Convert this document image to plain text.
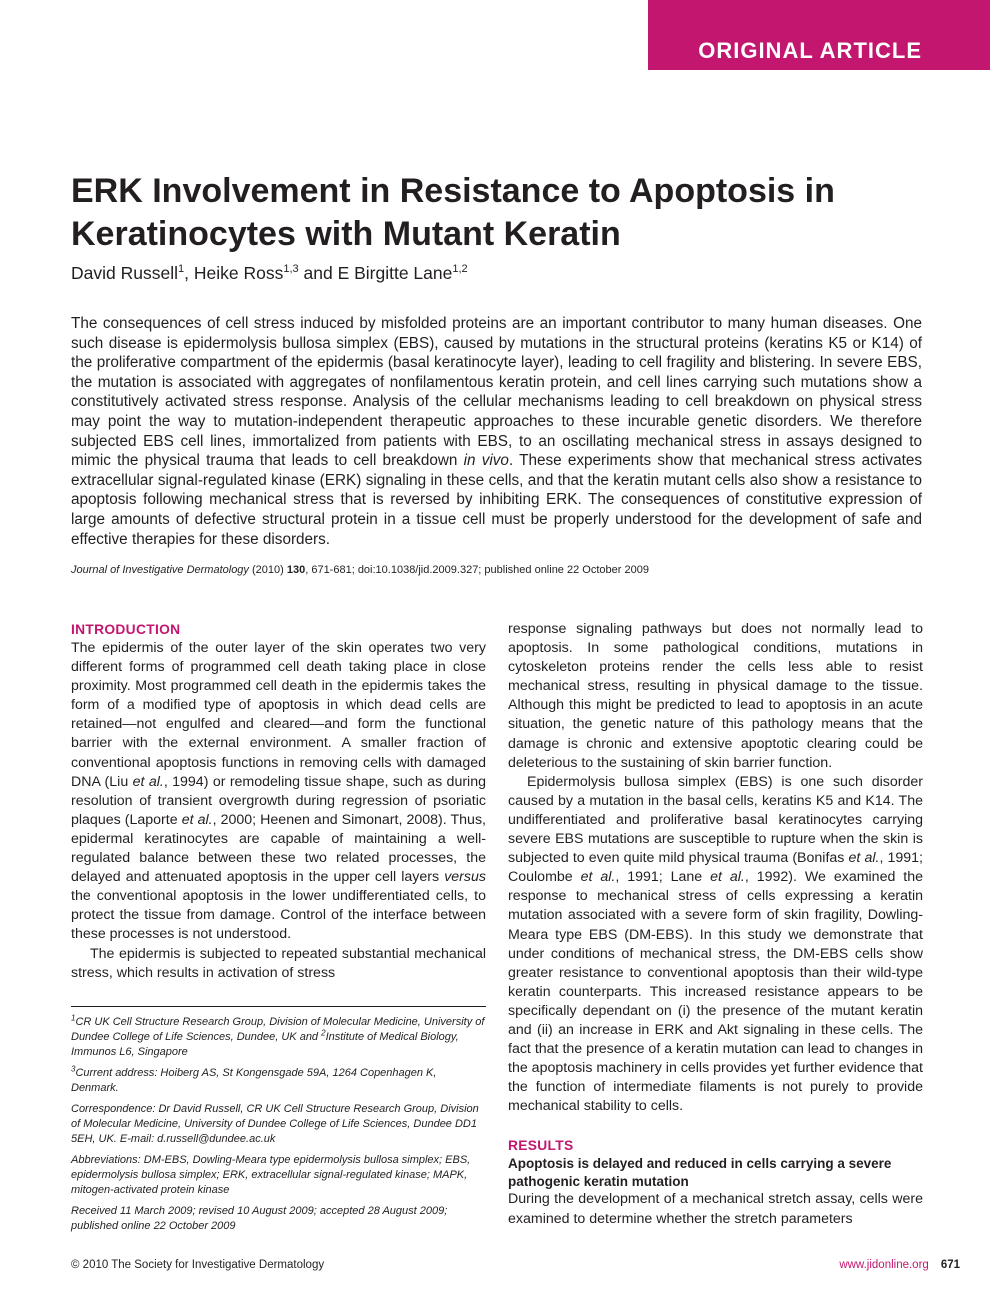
ORIGINAL ARTICLE
ERK Involvement in Resistance to Apoptosis in Keratinocytes with Mutant Keratin
David Russell$^1$, Heike Ross$^{1,3}$ and E Birgitte Lane$^{1,2}$

The consequences of cell stress induced by misfolded proteins are an important contributor to many human diseases. One such disease is epidermolysis bullosa simplex (EBS), caused by mutations in the structural proteins (keratins K5 or K14) of the proliferative compartment of the epidermis (basal keratinocyte layer), leading to cell fragility and blistering. In severe EBS, the mutation is associated with aggregates of nonfilamentous keratin protein, and cell lines carrying such mutations show a constitutively activated stress response. Analysis of the cellular mechanisms leading to cell breakdown on physical stress may point the way to mutation-independent therapeutic approaches to these incurable genetic disorders. We therefore subjected EBS cell lines, immortalized from patients with EBS, to an oscillating mechanical stress in assays designed to mimic the physical trauma that leads to cell breakdown in vivo. These experiments show that mechanical stress activates extracellular signal-regulated kinase (ERK) signaling in these cells, and that the keratin mutant cells also show a resistance to apoptosis following mechanical stress that is reversed by inhibiting ERK. The consequences of constitutive expression of large amounts of defective structural protein in a tissue cell must be properly understood for the development of safe and effective therapies for these disorders.

Journal of Investigative Dermatology (2010) 130, 671-681; doi:10.1038/jid.2009.327; published online 22 October 2009
INTRODUCTION

The epidermis of the outer layer of the skin operates two very different forms of programmed cell death taking place in close proximity. Most programmed cell death in the epidermis takes the form of a modified type of apoptosis in which dead cells are retained—not engulfed and cleared—and form the functional barrier with the external environment. A smaller fraction of conventional apoptosis functions in removing cells with damaged DNA (Liu et al., 1994) or remodeling tissue shape, such as during resolution of transient overgrowth during regression of psoriatic plaques (Laporte et al., 2000; Heenen and Simonart, 2008). Thus, epidermal keratinocytes are capable of maintaining a well-regulated balance between these two related processes, the delayed and attenuated apoptosis in the upper cell layers versus the conventional apoptosis in the lower undifferentiated cells, to protect the tissue from damage. Control of the interface between these processes is not understood.

The epidermis is subjected to repeated substantial mechanical stress, which results in activation of stress

$^1$CR UK Cell Structure Research Group, Division of Molecular Medicine, University of Dundee College of Life Sciences, Dundee, UK and $^2$Institute of Medical Biology, Immunos L6, Singapore

$^3$Current address: Hoiberg AS, St Kongensgade 59A, 1264 Copenhagen K, Denmark.

Correspondence: Dr David Russell, CR UK Cell Structure Research Group, Division of Molecular Medicine, University of Dundee College of Life Sciences, Dundee DD1 5EH, UK. E-mail: d.russell@dundee.ac.uk

Abbreviations: DM-EBS, Dowling-Meara type epidermolysis bullosa simplex; EBS, epidermolysis bullosa simplex; ERK, extracellular signal-regulated kinase; MAPK, mitogen-activated protein kinase

Received 11 March 2009; revised 10 August 2009; accepted 28 August 2009; published online 22 October 2009

response signaling pathways but does not normally lead to apoptosis. In some pathological conditions, mutations in cytoskeleton proteins render the cells less able to resist mechanical stress, resulting in physical damage to the tissue. Although this might be predicted to lead to apoptosis in an acute situation, the genetic nature of this pathology means that the damage is chronic and extensive apoptotic clearing could be deleterious to the sustaining of skin barrier function.

Epidermolysis bullosa simplex (EBS) is one such disorder caused by a mutation in the basal cells, keratins K5 and K14. The undifferentiated and proliferative basal keratinocytes carrying severe EBS mutations are susceptible to rupture when the skin is subjected to even quite mild physical trauma (Bonifas et al., 1991; Coulombe et al., 1991; Lane et al., 1992). We examined the response to mechanical stress of cells expressing a keratin mutation associated with a severe form of skin fragility, Dowling-Meara type EBS (DM-EBS). In this study we demonstrate that under conditions of mechanical stress, the DM-EBS cells show greater resistance to conventional apoptosis than their wild-type keratin counterparts. This increased resistance appears to be specifically dependant on (i) the presence of the mutant keratin and (ii) an increase in ERK and Akt signaling in these cells. The fact that the presence of a keratin mutation can lead to changes in the apoptosis machinery in cells provides yet further evidence that the function of intermediate filaments is not purely to provide mechanical stability to cells.

RESULTS
Apoptosis is delayed and reduced in cells carrying a severe pathogenic keratin mutation

During the development of a mechanical stretch assay, cells were examined to determine whether the stretch parameters

© 2010 The Society for Investigative Dermatology	www.jidonline.org 671
